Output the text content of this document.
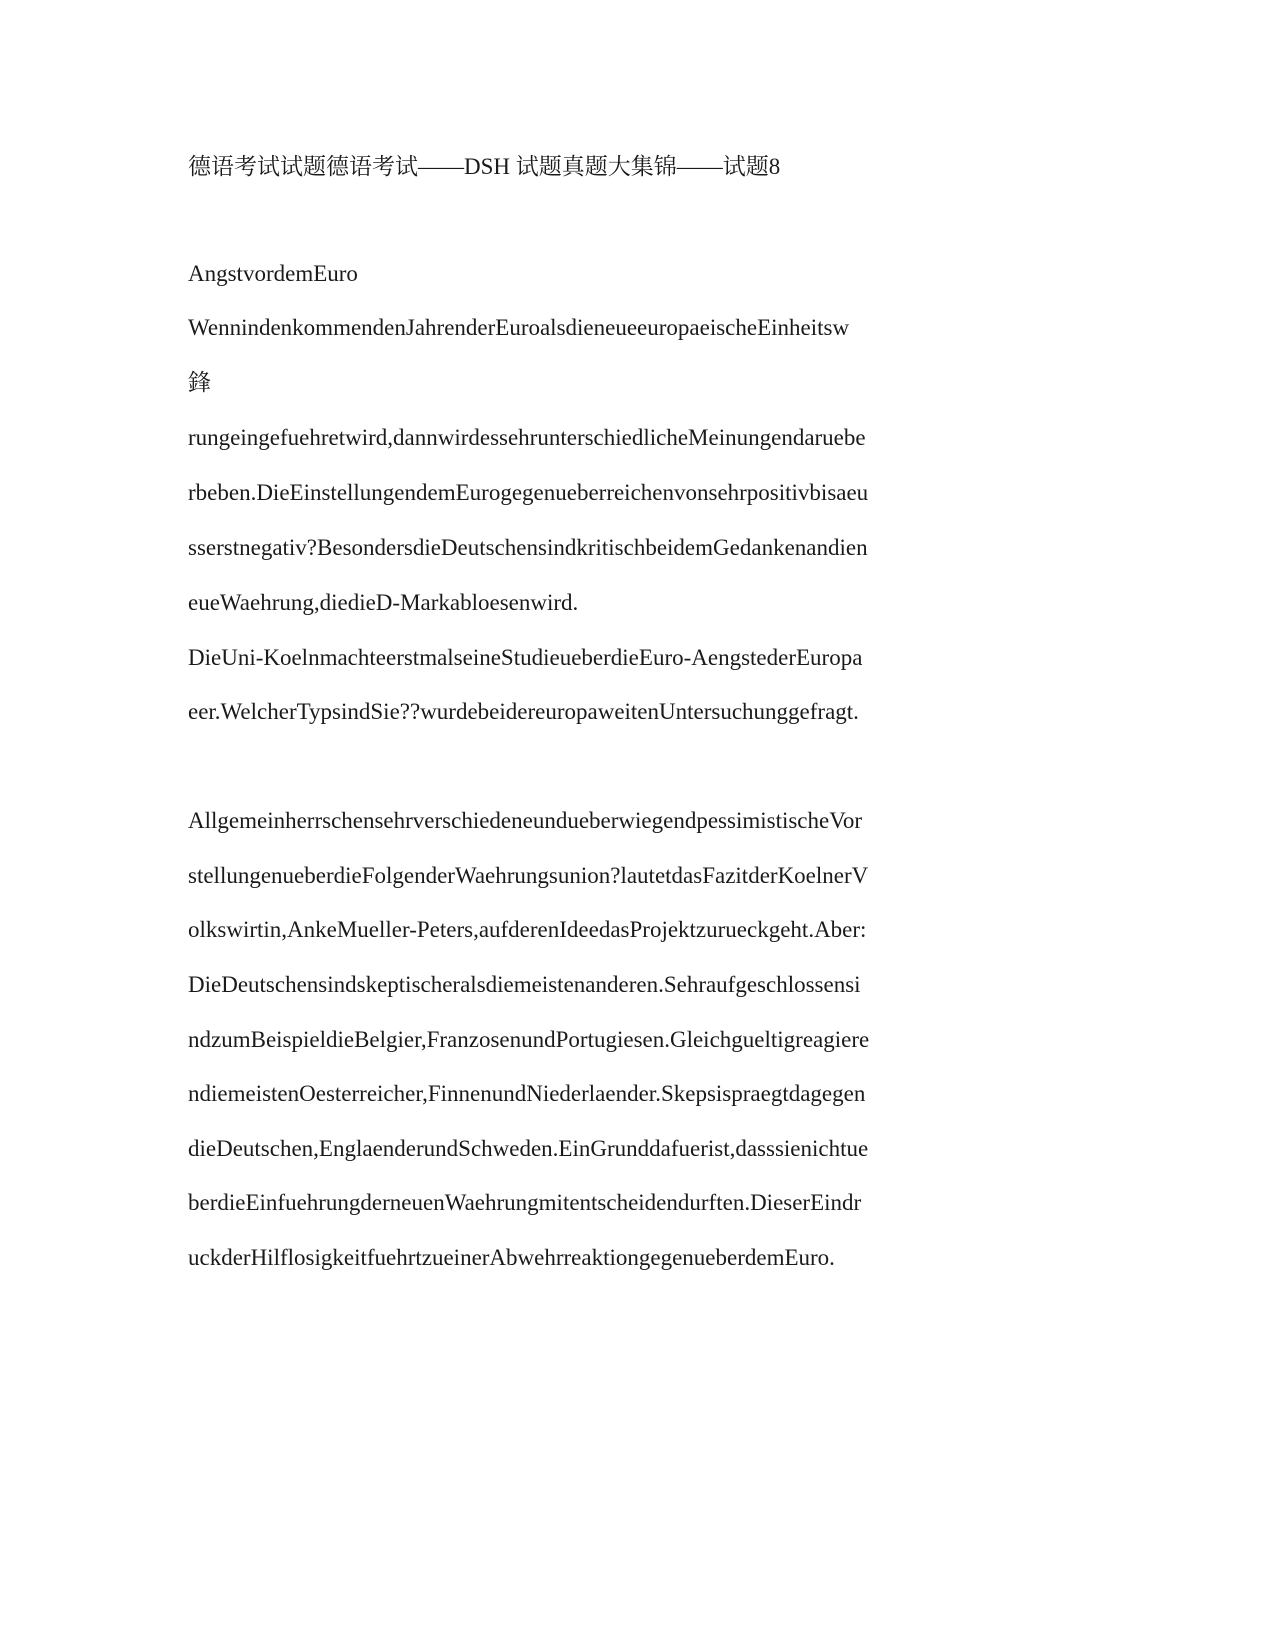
德语考试试题德语考试——DSH 试题真题大集锦——试题8
AngstvordemEuro
WennindenkommendenJahrenderEuroalsdieneueeuropaeischeEinheitsw
鋒
rungeingefuehretwird,dannwirdessehrunterschiedlicheMeinungendaruebe
rbeben.DieEinstellungendemEurogegenueberreichenvonsehrpositivbisaeu
sserstnegativ?BesondersdieDeutschensindkritischbeidemGedankenandien
eueWaehrung,diedieD-Markabloesenwird.
DieUni-KoelnmachteerstmalseineStudieueberdieEuro-AengstederEuropa
eer.WelcherTypsindSie??wurdebeidereuropaweitenUntersuchunggefragt.
AllgemeinherrschensehrverschiedeneundueberwiegendpessimistischeVor
stellungenueberdieFolgenderWaehrungsunion?lautetdasFazitderKoelnerV
olkswirtin,AnkeMueller-Peters,aufderenIdeedasProjektzurueckgeht.Aber:
DieDeutschensindskeptischeralsdiemeistenanderen.Sehraufgeschlossensi
ndzumBeispieldieBelgier,FranzosenundPortugiesen.Gleichgueltigreagiere
ndiemeistenOesterreicher,FinnenundNiederlaender.Skepsispraegtdagegen
dieDeutschen,EnglaenderundSchweden.EinGrunddafuerist,dasssienichtue
berdieEinfuehrungderneuenWaehrungmitentscheidendurften.DieserEindr
uckderHilflosigkeitfuehrtzueinerAbwehrreaktiongegenueberdemEuro.
